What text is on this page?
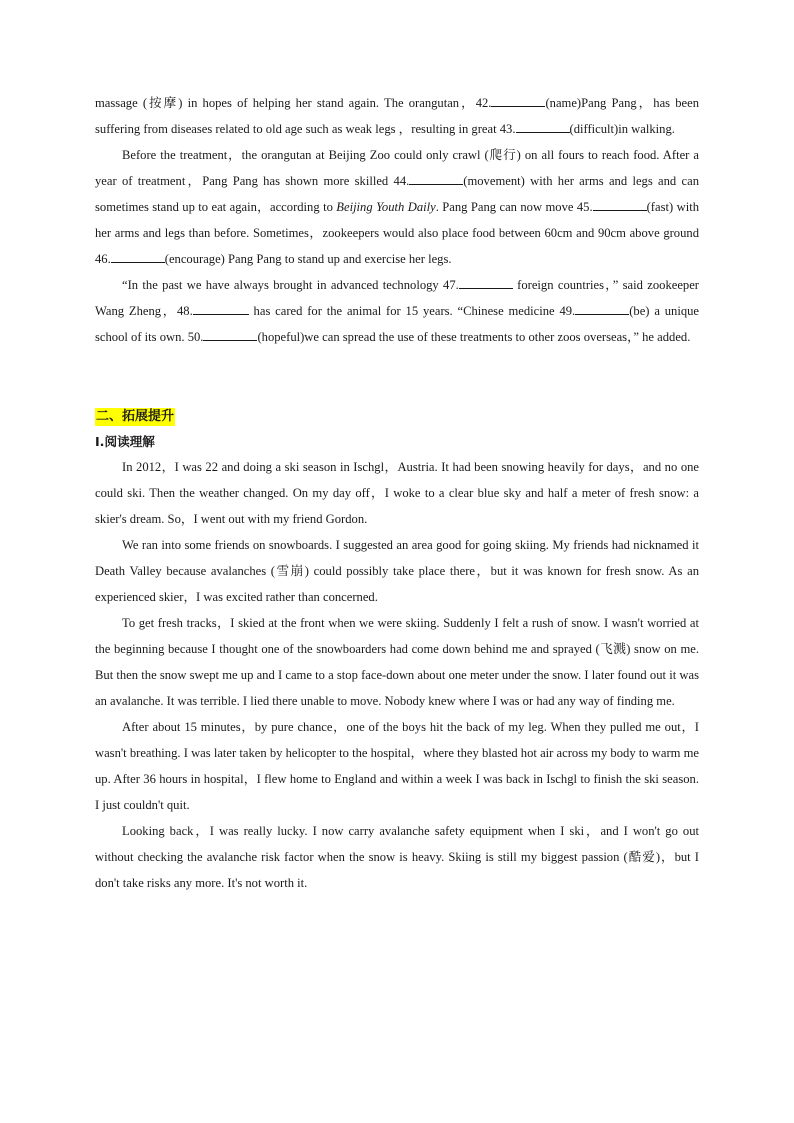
massage (按摩) in hopes of helping her stand again. The orangutan，42.	(name)Pang Pang，has been suffering from diseases related to old age such as weak legs ，resulting in great 43.	(difficult)in walking.

Before the treatment，the orangutan at Beijing Zoo could only crawl (爬行) on all fours to reach food. After a year of treatment，Pang Pang has shown more skilled 44.	(movement) with her arms and legs and can sometimes stand up to eat again，according to Beijing Youth Daily. Pang Pang can now move 45.	(fast) with her arms and legs than before. Sometimes，zookeepers would also place food between 60cm and 90cm above ground 46.	(encourage) Pang Pang to stand up and exercise her legs.

“In the past we have always brought in advanced technology 47.	foreign countries，” said zookeeper Wang Zheng，48.	has cared for the animal for 15 years. “Chinese medicine 49.	(be) a unique school of its own. 50.	(hopeful)we can spread the use of these treatments to other zoos overseas，” he added.

二、拓展提升

I.阅读理解

In 2012，I was 22 and doing a ski season in Ischgl，Austria. It had been snowing heavily for days，and no one could ski. Then the weather changed. On my day off，I woke to a clear blue sky and half a meter of fresh snow: a skier's dream. So，I went out with my friend Gordon.

We ran into some friends on snowboards. I suggested an area good for going skiing. My friends had nicknamed it Death Valley because avalanches (雪崩) could possibly take place there，but it was known for fresh snow. As an experienced skier，I was excited rather than concerned.

To get fresh tracks，I skied at the front when we were skiing. Suddenly I felt a rush of snow. I wasn't worried at the beginning because I thought one of the snowboarders had come down behind me and sprayed (飞溅) snow on me. But then the snow swept me up and I came to a stop face-down about one meter under the snow. I later found out it was an avalanche. It was terrible. I lied there unable to move. Nobody knew where I was or had any way of finding me.

After about 15 minutes，by pure chance，one of the boys hit the back of my leg. When they pulled me out，I wasn't breathing. I was later taken by helicopter to the hospital，where they blasted hot air across my body to warm me up. After 36 hours in hospital，I flew home to England and within a week I was back in Ischgl to finish the ski season. I just couldn't quit.

Looking back，I was really lucky. I now carry avalanche safety equipment when I ski，and I won't go out without checking the avalanche risk factor when the snow is heavy. Skiing is still my biggest passion (酷爱)，but I don't take risks any more. It's not worth it.
